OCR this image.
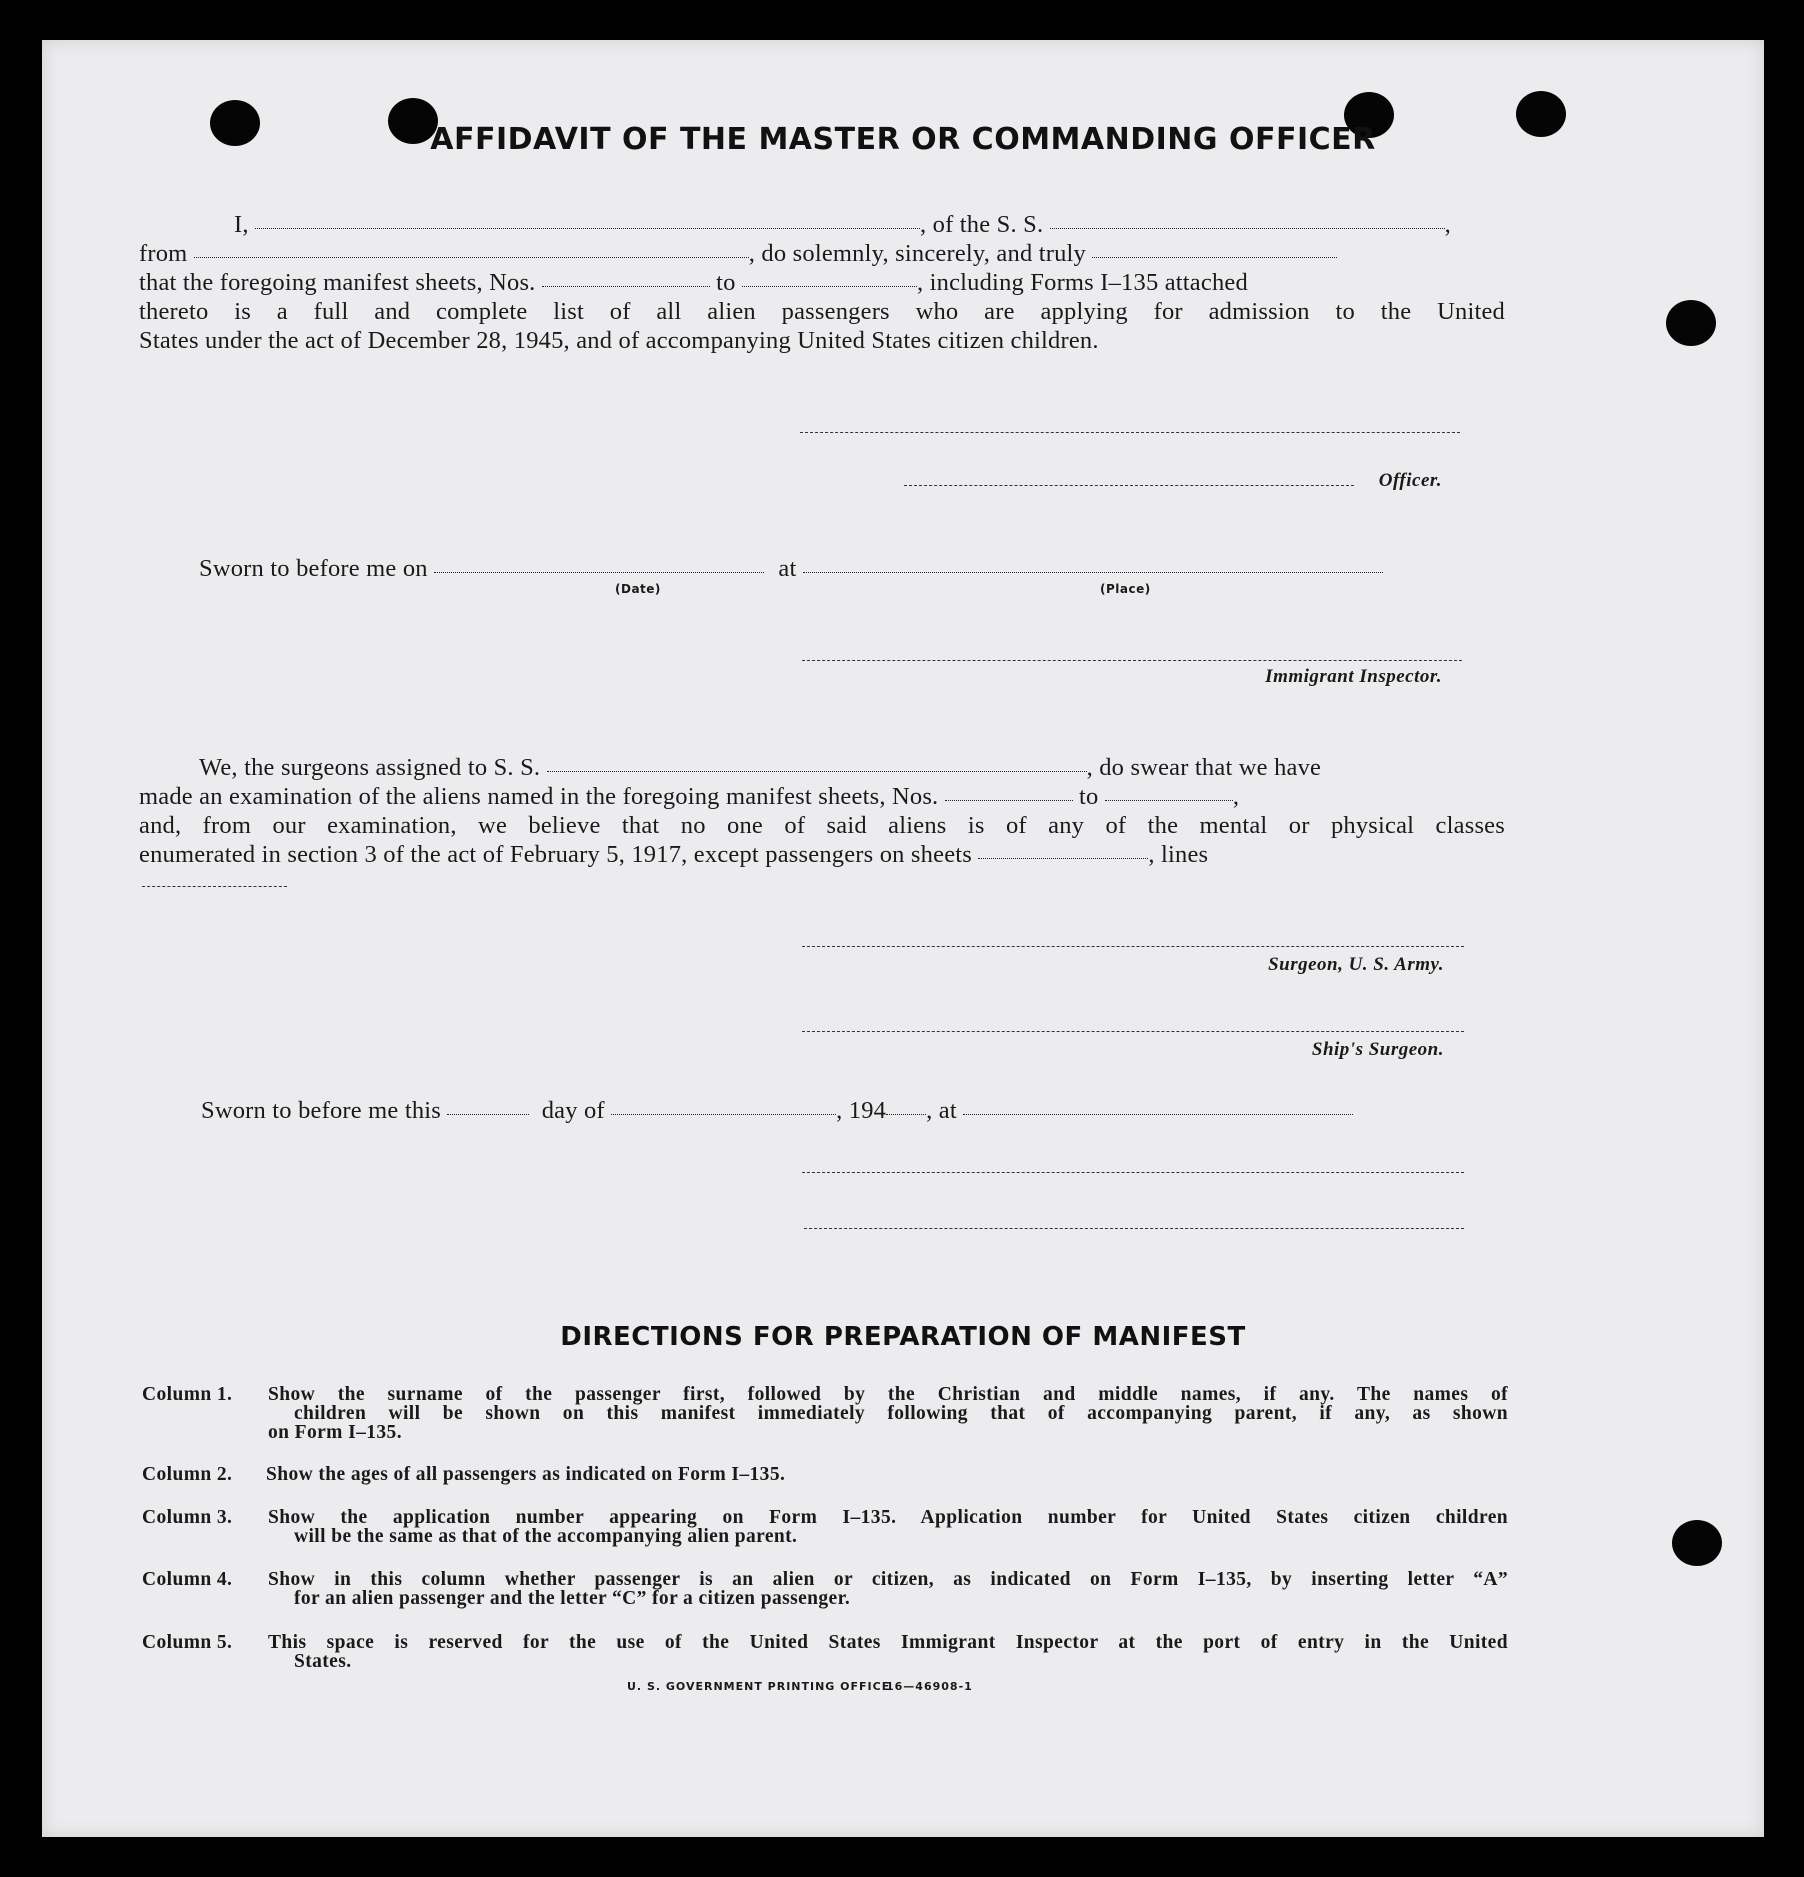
AFFIDAVIT OF THE MASTER OR COMMANDING OFFICER
I,	, of the S. S.	,
from	, do solemnly, sincerely, and truly
that the foregoing manifest sheets, Nos.	to	, including Forms I–135 attached
thereto is a full and complete list of all alien passengers who are applying for admission to the United
States under the act of December 28, 1945, and of accompanying United States citizen children.
Officer.
Sworn to before me on	at
(Date)	(Place)
Immigrant Inspector.
We, the surgeons assigned to S. S.	, do swear that we have
made an examination of the aliens named in the foregoing manifest sheets, Nos.	to	,
and, from our examination, we believe that no one of said aliens is of any of the mental or physical classes
enumerated in section 3 of the act of February 5, 1917, except passengers on sheets	, lines
Surgeon, U. S. Army.
Ship's Surgeon.
Sworn to before me this	day of	, 194 , at
DIRECTIONS FOR PREPARATION OF MANIFEST
Column 1. Show the surname of the passenger first, followed by the Christian and middle names, if any. The names of
children will be shown on this manifest immediately following that of accompanying parent, if any, as shown
on Form I–135.
Column 2. Show the ages of all passengers as indicated on Form I–135.
Column 3. Show the application number appearing on Form I–135. Application number for United States citizen children
will be the same as that of the accompanying alien parent.
Column 4. Show in this column whether passenger is an alien or citizen, as indicated on Form I–135, by inserting letter “A”
for an alien passenger and the letter “C” for a citizen passenger.
Column 5. This space is reserved for the use of the United States Immigrant Inspector at the port of entry in the United
States.
U. S. GOVERNMENT PRINTING OFFICE
16—46908-1
